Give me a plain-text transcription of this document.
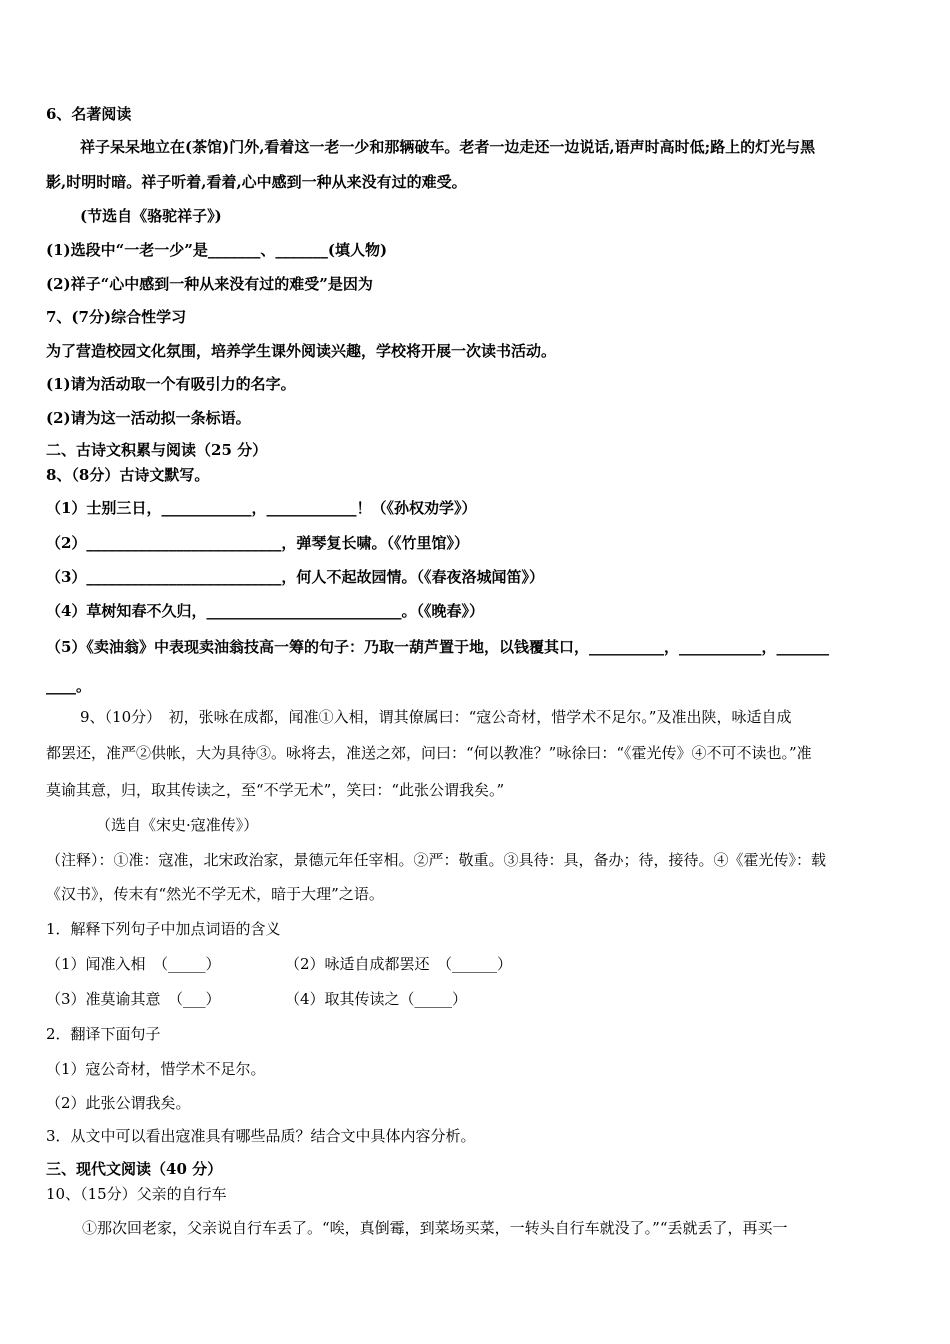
6、名著阅读
祥子呆呆地立在(茶馆)门外,看着这一老一少和那辆破车。老者一边走还一边说话,语声时高时低;路上的灯光与黑
影,时明时暗。祥子听着,看着,心中感到一种从来没有过的难受。
(节选自《骆驼祥子》)
(1)选段中“一老一少”是_______、_______(填人物)
(2)祥子“心中感到一种从来没有过的难受”是因为
7、(7分)综合性学习
为了营造校园文化氛围，培养学生课外阅读兴趣，学校将开展一次读书活动。
(1)请为活动取一个有吸引力的名字。
(2)请为这一活动拟一条标语。
二、古诗文积累与阅读（25 分）
8、（8分）古诗文默写。
（1）士别三日，____________，____________！（《孙权劝学》）
（2）__________________________，弹琴复长啸。（《竹里馆》）
（3）__________________________，何人不起故园情。（《春夜洛城闻笛》）
（4）草树知春不久归，__________________________。（《晚春》）
（5）《卖油翁》中表现卖油翁技高一筹的句子：乃取一葫芦置于地，以钱覆其口，__________，___________，_______
____。
9、（10分）　初，张咏在成都，闻准①入相，谓其僚属曰：“寇公奇材，惜学术不足尔。”及准出陕，咏适自成
都罢还，准严②供帐，大为具待③。咏将去，准送之郊，问曰：“何以教准？”咏徐曰：“《霍光传》④不可不读也。”准
莫谕其意，归，取其传读之，至“不学无术”，笑曰：“此张公谓我矣。”
（选自《宋史·寇准传》）
（注释）：①准：寇准，北宋政治家，景德元年任宰相。②严：敬重。③具待：具，备办；待，接待。④《霍光传》：载
《汉书》，传末有“然光不学无术，暗于大理”之语。
1．解释下列句子中加点词语的含义
（1）闻准入相　（_____）	（2）咏适自成都罢还　（______）
（3）准莫谕其意　（___）	（4）取其传读之（_____）
2．翻译下面句子
（1）寇公奇材，惜学术不足尔。
（2）此张公谓我矣。
3．从文中可以看出寇准具有哪些品质？结合文中具体内容分析。
三、现代文阅读（40 分）
10、（15分）父亲的自行车
①那次回老家，父亲说自行车丢了。“唉，真倒霉，到菜场买菜，一转头自行车就没了。”“丢就丢了，再买一
